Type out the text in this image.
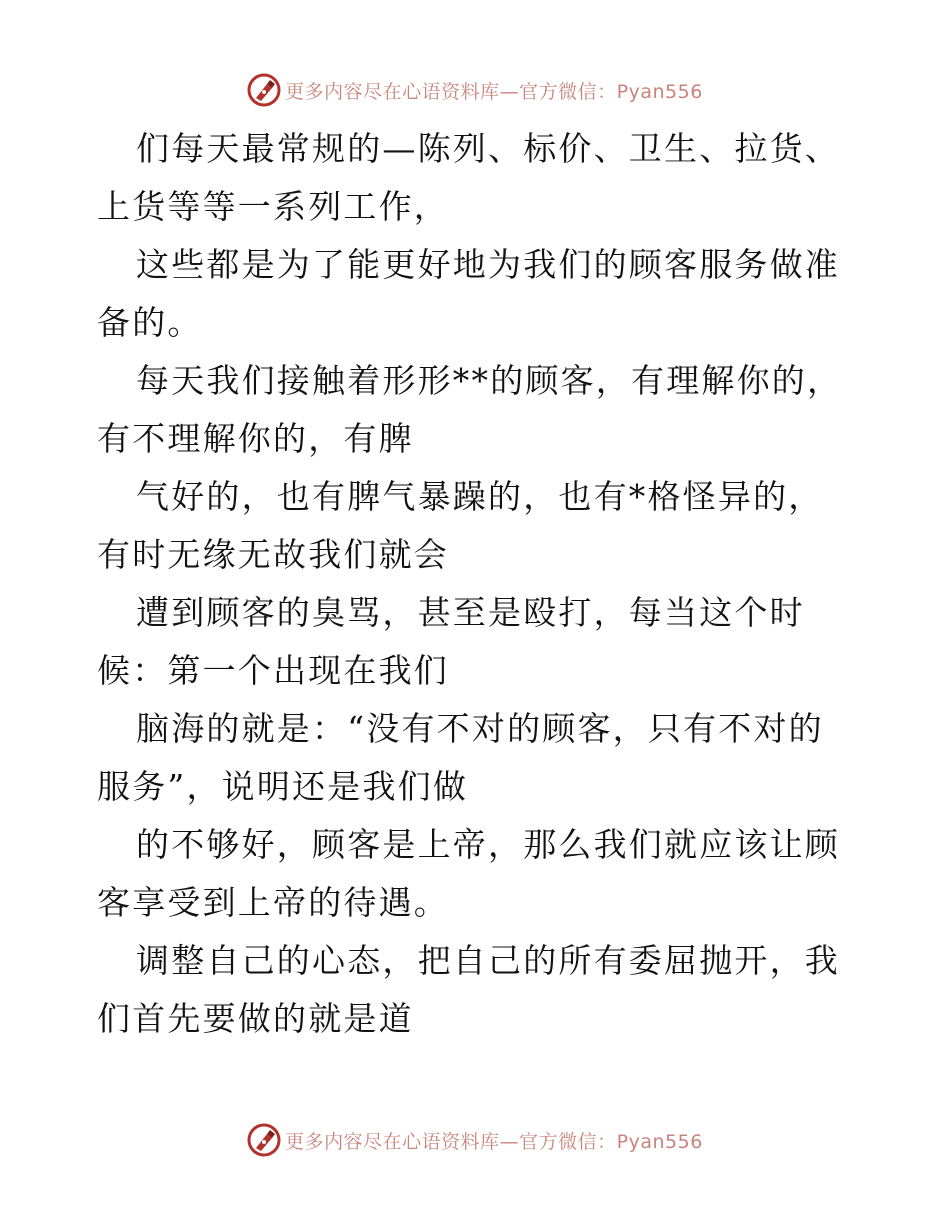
更多内容尽在心语资料库—官方微信：Pyan556

们每天最常规的—陈列、标价、卫生、拉货、上货等等一系列工作，

这些都是为了能更好地为我们的顾客服务做准备的。

每天我们接触着形形**的顾客，有理解你的，有不理解你的，有脾

气好的，也有脾气暴躁的，也有*格怪异的，有时无缘无故我们就会

遭到顾客的臭骂，甚至是殴打，每当这个时候：第一个出现在我们

脑海的就是：“没有不对的顾客，只有不对的服务”，说明还是我们做

的不够好，顾客是上帝，那么我们就应该让顾客享受到上帝的待遇。

调整自己的心态，把自己的所有委屈抛开，我们首先要做的就是道

更多内容尽在心语资料库—官方微信：Pyan556
